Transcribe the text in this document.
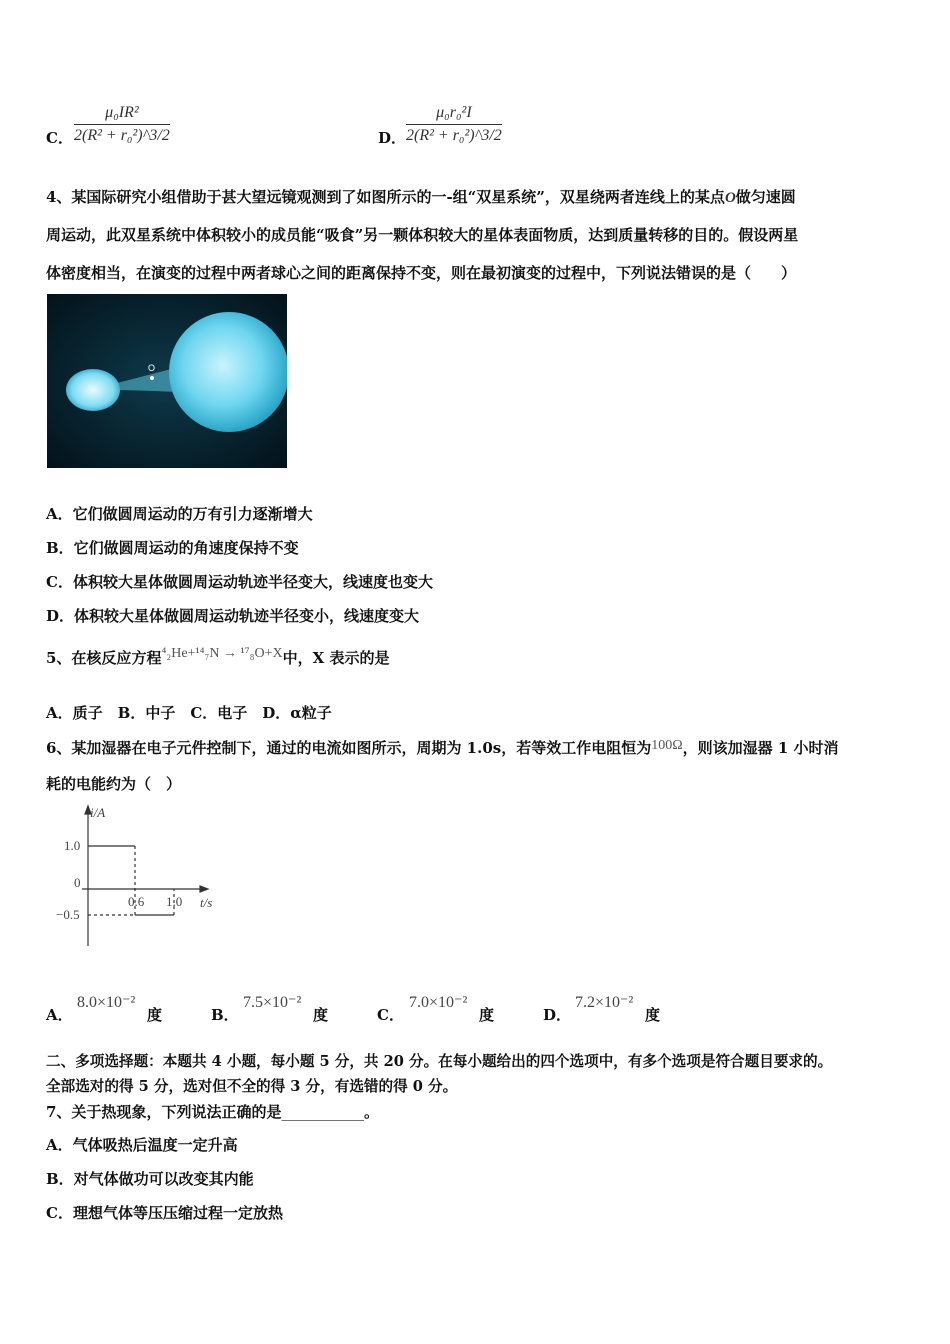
C． $\frac{\text{μ₀IR²}}{\text{2(R² + r₀²)\textasciicircum{}3/2}}$	D． $\frac{\text{μ₀r₀²I}}{\text{2(R² + r₀²)\textasciicircum{}3/2}}$
4、某国际研究小组借助于甚大望远镜观测到了如图所示的一-组“双星系统”，双星绕两者连线上的某点O做匀速圆
周运动，此双星系统中体积较小的成员能“吸食”另一颗体积较大的星体表面物质，达到质量转移的目的。假设两星
体密度相当，在演变的过程中两者球心之间的距离保持不变，则在最初演变的过程中，下列说法错误的是（　　）
O
A．它们做圆周运动的万有引力逐渐增大
B．它们做圆周运动的角速度保持不变
C．体积较大星体做圆周运动轨迹半径变大，线速度也变大
D．体积较大星体做圆周运动轨迹半径变小，线速度变大
5、在核反应方程⁴₂He+¹⁴₇N → ¹⁷₈O+X中，X 表示的是
A．质子　B．中子　C．电子　D．α粒子
6、某加湿器在电子元件控制下，通过的电流如图所示，周期为 1.0s，若等效工作电阻恒为100Ω，则该加湿器 1 小时消
耗的电能约为（　）
i/A
1.0
0
−0.5
0.6 1.0 t/s
A．
8.0×10⁻²
度	B．
7.5×10⁻²
度	C．
7.0×10⁻²
度	D．
7.2×10⁻²
度
二、多项选择题：本题共 4 小题，每小题 5 分，共 20 分。在每小题给出的四个选项中，有多个选项是符合题目要求的。
全部选对的得 5 分，选对但不全的得 3 分，有选错的得 0 分。
7、关于热现象，下列说法正确的是___________。
A．气体吸热后温度一定升高
B．对气体做功可以改变其内能
C．理想气体等压压缩过程一定放热
